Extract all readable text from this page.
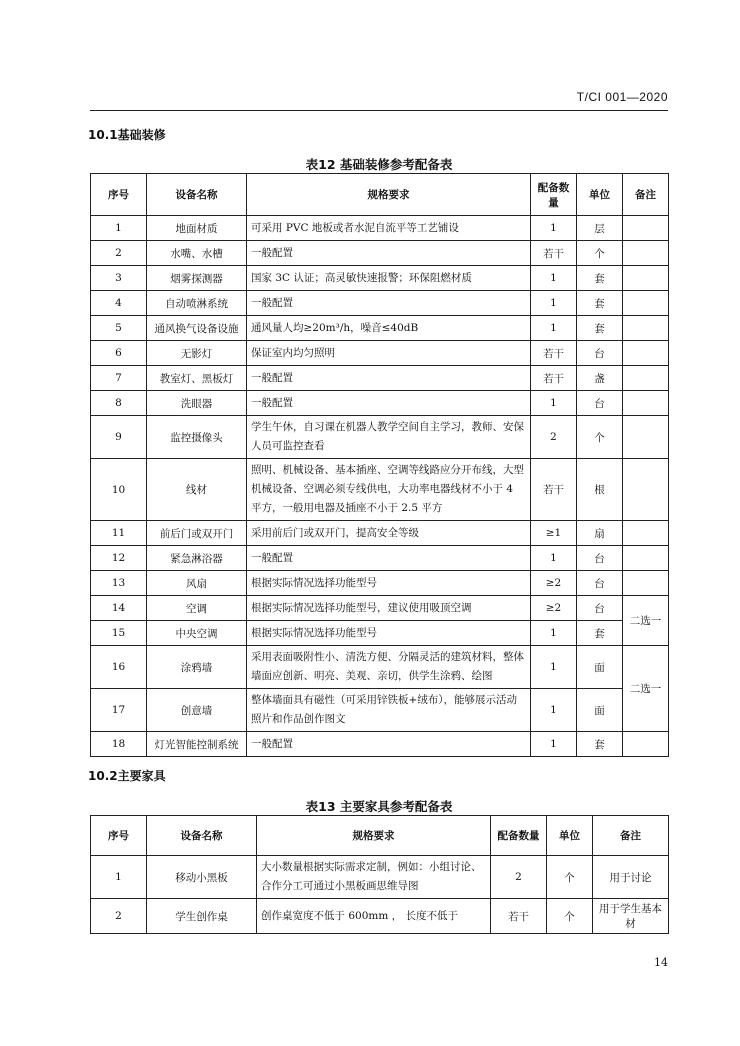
T/CI 001—2020
10.1基础装修
表12 基础装修参考配备表
序号	设备名称	规格要求	配备数量	单位	备注
1	地面材质	可采用 PVC 地板或者水泥自流平等工艺铺设	1	层	
2	水嘴、水槽	一般配置	若干	个	
3	烟雾探测器	国家 3C 认证；高灵敏快速报警；环保阻燃材质	1	套	
4	自动喷淋系统	一般配置	1	套	
5	通风换气设备设施	通风量人均≥20m³/h，噪音≤40dB	1	套	
6	无影灯	保证室内均匀照明	若干	台	
7	教室灯、黑板灯	一般配置	若干	盏	
8	洗眼器	一般配置	1	台	
9	监控摄像头	学生午休，自习课在机器人教学空间自主学习，教师、安保人员可监控查看	2	个	
10	线材	照明、机械设备、基本插座、空调等线路应分开布线，大型机械设备、空调必须专线供电，大功率电器线材不小于 4 平方，一般用电器及插座不小于 2.5 平方	若干	根	
11	前后门或双开门	采用前后门或双开门，提高安全等级	≥1	扇	
12	紧急淋浴器	一般配置	1	台	
13	风扇	根据实际情况选择功能型号	≥2	台	
14	空调	根据实际情况选择功能型号，建议使用吸顶空调	≥2	台	二选一
15	中央空调	根据实际情况选择功能型号	1	套	
16	涂鸦墙	采用表面吸附性小、清洗方便、分隔灵活的建筑材料，整体墙面应创新、明亮、美观、亲切，供学生涂鸦、绘图	1	面	二选一
17	创意墙	整体墙面具有磁性（可采用锌铁板+绒布），能够展示活动照片和作品创作图文	1	面	
18	灯光智能控制系统	一般配置	1	套	
10.2主要家具
表13 主要家具参考配备表
序号	设备名称	规格要求	配备数量	单位	备注
1	移动小黑板	大小数量根据实际需求定制，例如：小组讨论、合作分工可通过小黑板画思维导图	2	个	用于讨论
2	学生创作桌	创作桌宽度不低于 600mm ， 长度不低于	若干	个	用于学生基本材
14
